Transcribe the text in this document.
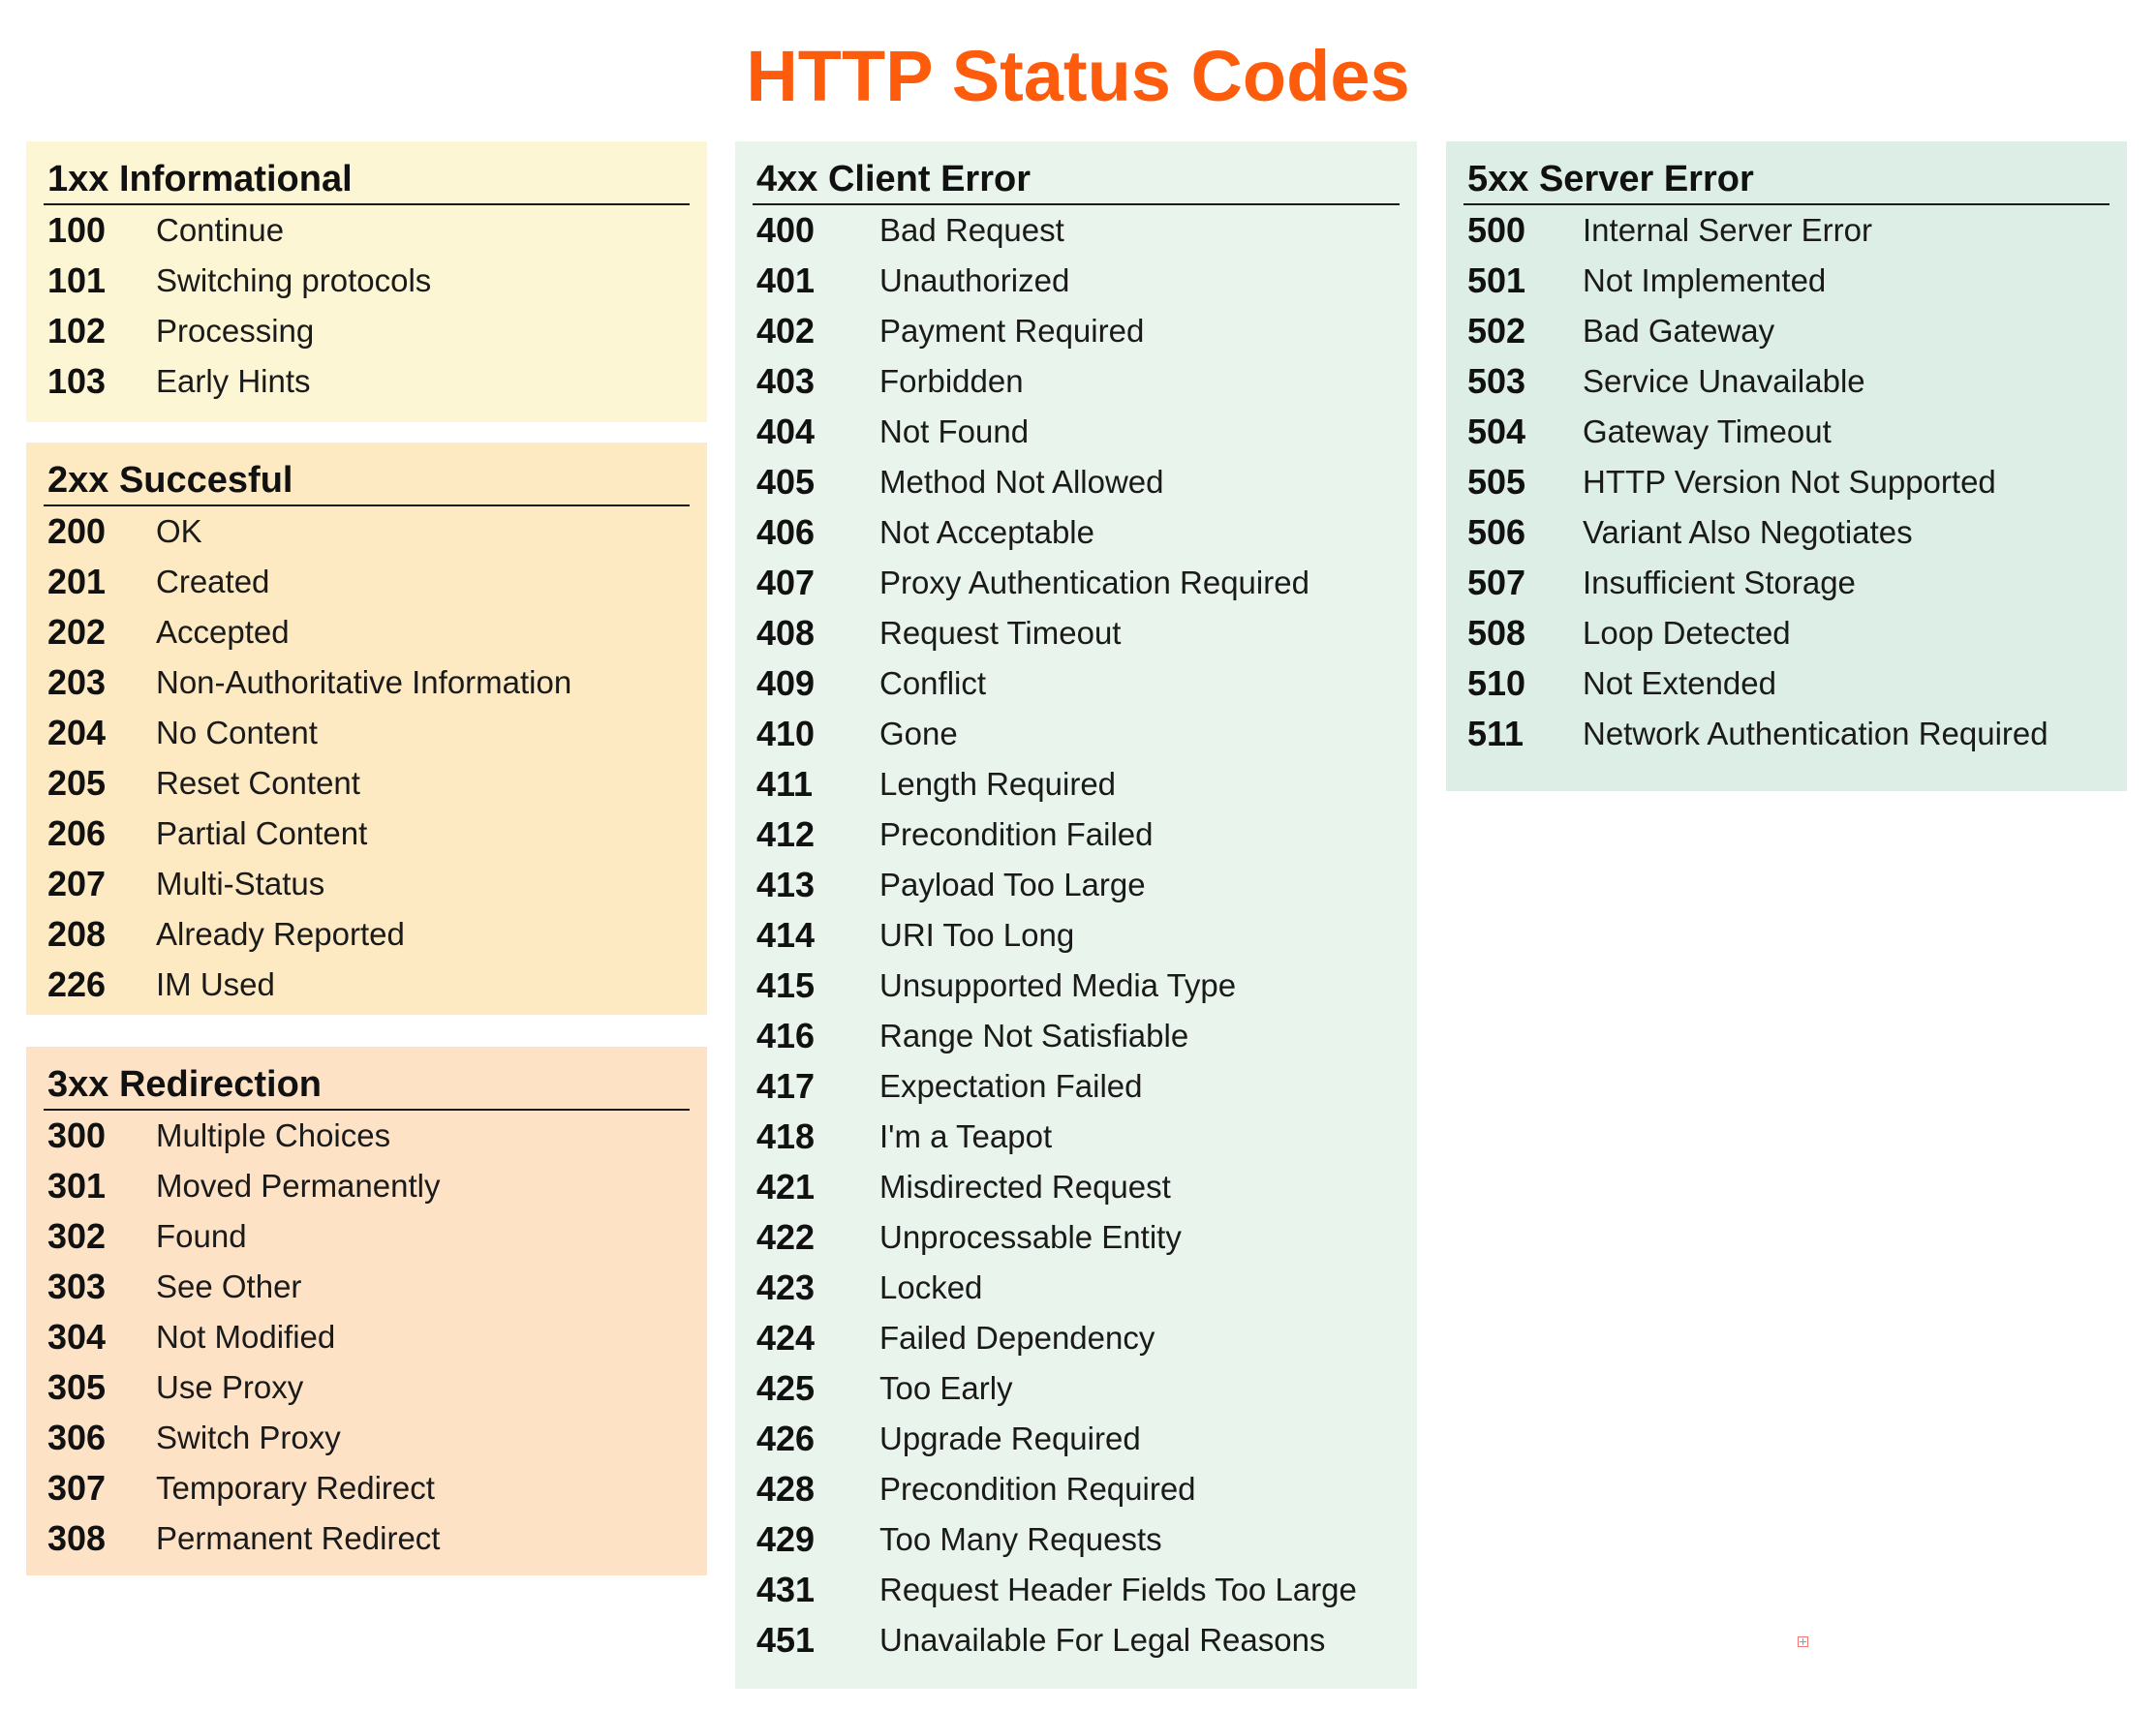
HTTP Status Codes
1xx Informational
100	Continue
101	Switching protocols
102	Processing
103	Early Hints
2xx Succesful
200	OK
201	Created
202	Accepted
203	Non-Authoritative Information
204	No Content
205	Reset Content
206	Partial Content
207	Multi-Status
208	Already Reported
226	IM Used
3xx Redirection
300	Multiple Choices
301	Moved Permanently
302	Found
303	See Other
304	Not Modified
305	Use Proxy
306	Switch Proxy
307	Temporary Redirect
308	Permanent Redirect
4xx Client Error
400	Bad Request
401	Unauthorized
402	Payment Required
403	Forbidden
404	Not Found
405	Method Not Allowed
406	Not Acceptable
407	Proxy Authentication Required
408	Request Timeout
409	Conflict
410	Gone
411	Length Required
412	Precondition Failed
413	Payload Too Large
414	URI Too Long
415	Unsupported Media Type
416	Range Not Satisfiable
417	Expectation Failed
418	I'm a Teapot
421	Misdirected Request
422	Unprocessable Entity
423	Locked
424	Failed Dependency
425	Too Early
426	Upgrade Required
428	Precondition Required
429	Too Many Requests
431	Request Header Fields Too Large
451	Unavailable For Legal Reasons
5xx Server Error
500	Internal Server Error
501	Not Implemented
502	Bad Gateway
503	Service Unavailable
504	Gateway Timeout
505	HTTP Version Not Supported
506	Variant Also Negotiates
507	Insufficient Storage
508	Loop Detected
510	Not Extended
511	Network Authentication Required
